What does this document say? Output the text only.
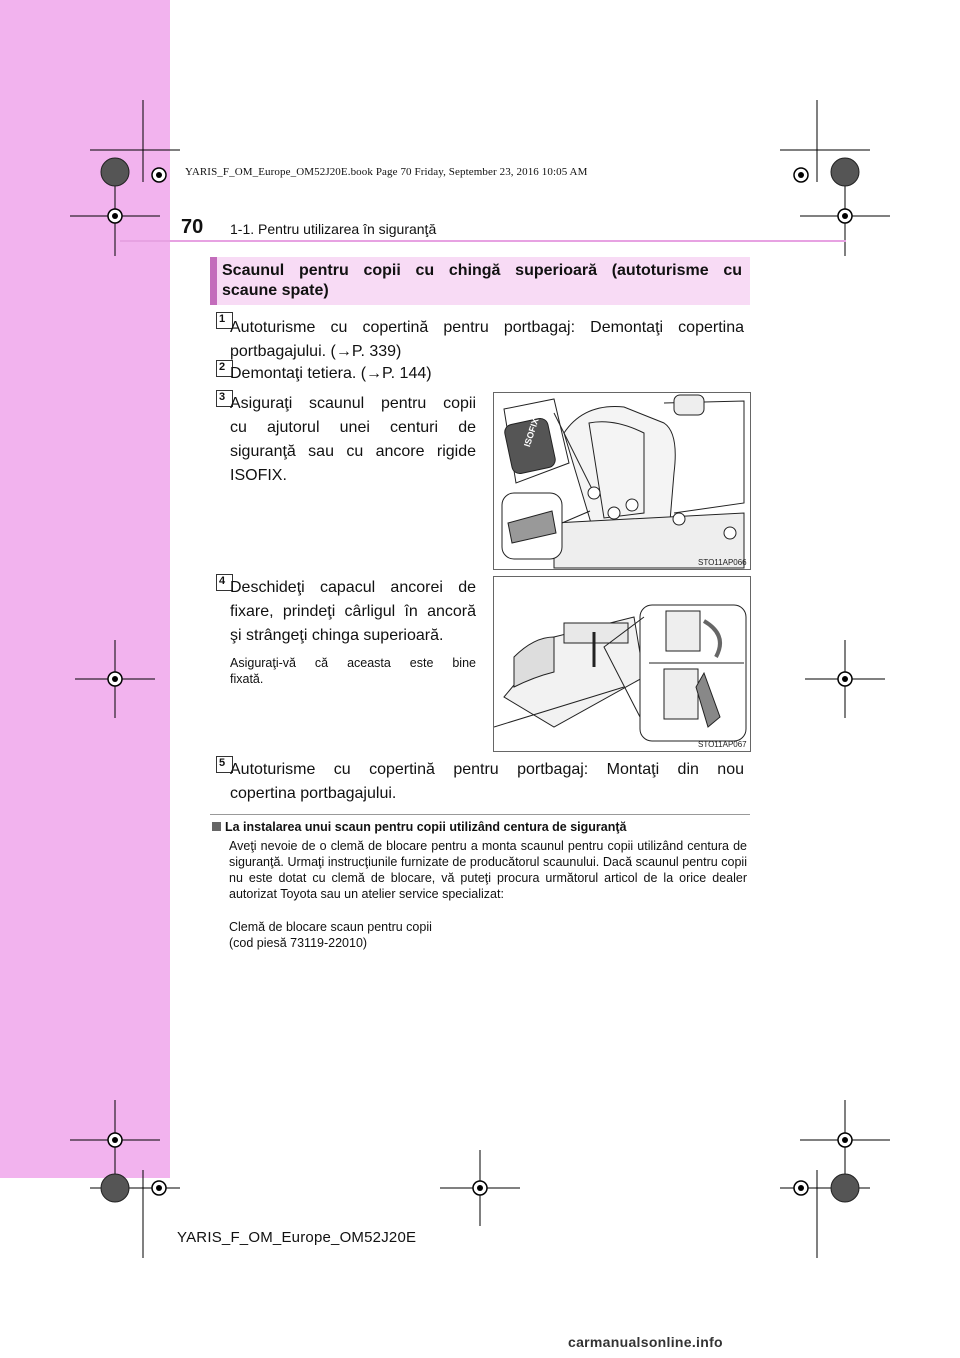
YARIS_F_OM_Europe_OM52J20E.book Page 70 Friday, September 23, 2016 10:05 AM
70 1-1. Pentru utilizarea în siguranţă
Scaunul pentru copii cu chingă superioară (autoturisme cu
scaune spate)
1 Autoturisme cu copertină pentru portbagaj: Demontaţi copertina
portbagajului. (→P. 339)
2 Demontaţi tetiera. (→P. 144)
3 Asiguraţi scaunul pentru copii
cu ajutorul unei centuri de
siguranţă sau cu ancore rigide
ISOFIX.
ISOFIX
STO11AP066
4 Deschideţi capacul ancorei de
fixare, prindeţi cârligul în ancoră
şi strângeţi chinga superioară.
Asiguraţi-vă că aceasta este bine
fixată.
STO11AP067
5 Autoturisme cu copertină pentru portbagaj: Montaţi din nou
copertina portbagajului.
La instalarea unui scaun pentru copii utilizând centura de siguranţă
Aveţi nevoie de o clemă de blocare pentru a monta scaunul pentru copii utilizând centura de siguranţă. Urmaţi instrucţiunile furnizate de producătorul scaunului. Dacă scaunul pentru copii nu este dotat cu clemă de blocare, vă puteţi procura următorul articol de la orice dealer autorizat Toyota sau un atelier service specializat:
Clemă de blocare scaun pentru copii
(cod piesă 73119-22010)
YARIS_F_OM_Europe_OM52J20E
carmanualsonline.info
